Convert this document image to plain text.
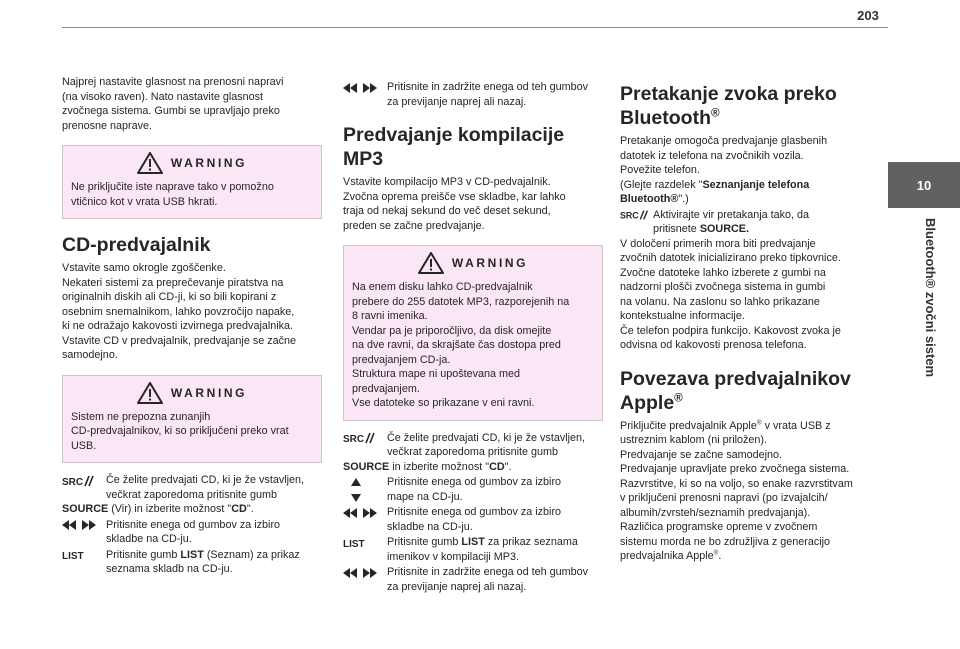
203
10
Bluetooth® zvočni sistem

Najprej nastavite glasnost na prenosni napravi

(na visoko raven). Nato nastavite glasnost

zvočnega sistema. Gumbi se upravljajo preko

prenosne naprave.

WARNING

Ne priključite iste naprave tako v pomožno

vtičnico kot v vrata USB hkrati.

CD-predvajalnik

Vstavite samo okrogle zgoščenke.

Nekateri sistemi za preprečevanje piratstva na

originalnih diskih ali CD-ji, ki so bili kopirani z

osebnim snemalnikom, lahko povzročijo napake,

ki ne odražajo kakovosti izvirnega predvajalnika.

Vstavite CD v predvajalnik, predvajanje se začne

samodejno.

WARNING

Sistem ne prepozna zunanjih

CD-predvajalnikov, ki so priključeni preko vrat

USB.

SRC Če želite predvajati CD, ki je že vstavljen,
večkrat zaporedoma pritisnite gumb
SOURCE (Vir) in izberite možnost "CD".
Pritisnite enega od gumbov za izbiro
skladbe na CD-ju.
LIST Pritisnite gumb LIST (Seznam) za prikaz
seznama skladb na CD-ju.
Pritisnite in zadržite enega od teh gumbov
za previjanje naprej ali nazaj.
Predvajanje kompilacije
MP3

Vstavite kompilacijo MP3 v CD-pedvajalnik.

Zvočna oprema preišče vse skladbe, kar lahko

traja od nekaj sekund do več deset sekund,

preden se začne predvajanje.

WARNING

Na enem disku lahko CD-predvajalnik

prebere do 255 datotek MP3, razporejenih na

8 ravni imenika.

Vendar pa je priporočljivo, da disk omejite

na dve ravni, da skrajšate čas dostopa pred

predvajanjem CD-ja.

Struktura mape ni upoštevana med

predvajanjem.

Vse datoteke so prikazane v eni ravni.

SRC Če želite predvajati CD, ki je že vstavljen,
večkrat zaporedoma pritisnite gumb
SOURCE in izberite možnost "CD".
Pritisnite enega od gumbov za izbiro
mape na CD-ju.
Pritisnite enega od gumbov za izbiro
skladbe na CD-ju.
LIST Pritisnite gumb LIST za prikaz seznama
imenikov v kompilaciji MP3.
Pritisnite in zadržite enega od teh gumbov
za previjanje naprej ali nazaj.
Pretakanje zvoka preko
Bluetooth®

Pretakanje omogoča predvajanje glasbenih

datotek iz telefona na zvočnikih vozila.

Povežite telefon.

(Glejte razdelek "Seznanjanje telefona

Bluetooth®".)

SRC Aktivirajte vir pretakanja tako, da
pritisnete SOURCE.

V določeni primerih mora biti predvajanje

zvočnih datotek inicializirano preko tipkovnice.

Zvočne datoteke lahko izberete z gumbi na

nadzorni plošči zvočnega sistema in gumbi

na volanu. Na zaslonu so lahko prikazane

kontekstualne informacije.

Če telefon podpira funkcijo. Kakovost zvoka je

odvisna od kakovosti prenosa telefona.

Povezava predvajalnikov
Apple®

Priključite predvajalnik Apple® v vrata USB z

ustreznim kablom (ni priložen).

Predvajanje se začne samodejno.

Predvajanje upravljate preko zvočnega sistema.

Razvrstitve, ki so na voljo, so enake razvrstitvam

v priključeni prenosni napravi (po izvajalcih/

albumih/zvrsteh/seznamih predvajanja).

Različica programske opreme v zvočnem

sistemu morda ne bo združljiva z generacijo

predvajalnika Apple®.
